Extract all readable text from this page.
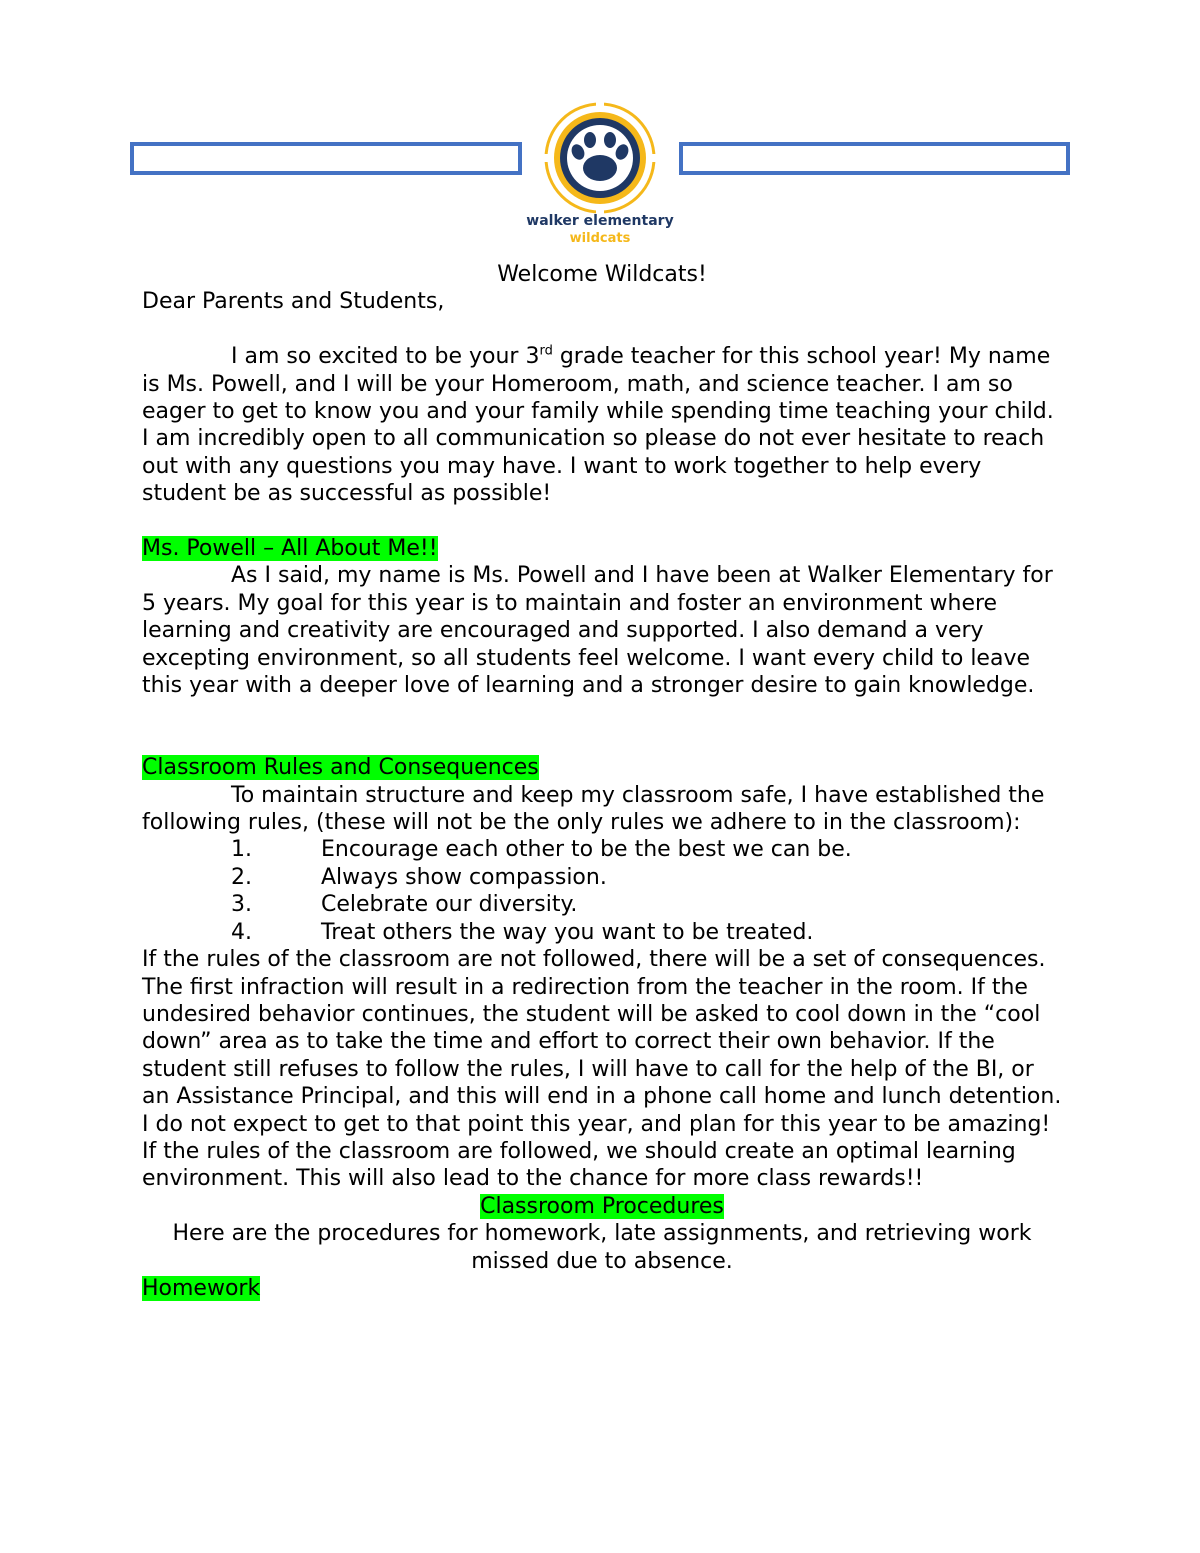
walker elementary
wildcats

Welcome Wildcats!

Dear Parents and Students,

I am so excited to be your 3rd grade teacher for this school year! My name is Ms. Powell, and I will be your Homeroom, math, and science teacher. I am so eager to get to know you and your family while spending time teaching your child. I am incredibly open to all communication so please do not ever hesitate to reach out with any questions you may have. I want to work together to help every student be as successful as possible!

Ms. Powell – All About Me!!

As I said, my name is Ms. Powell and I have been at Walker Elementary for 5 years. My goal for this year is to maintain and foster an environment where learning and creativity are encouraged and supported. I also demand a very excepting environment, so all students feel welcome. I want every child to leave this year with a deeper love of learning and a stronger desire to gain knowledge.

Classroom Rules and Consequences

To maintain structure and keep my classroom safe, I have established the following rules, (these will not be the only rules we adhere to in the classroom):

1.	Encourage each other to be the best we can be.
2.	Always show compassion.
3.	Celebrate our diversity.
4.	Treat others the way you want to be treated.

If the rules of the classroom are not followed, there will be a set of consequences. The first infraction will result in a redirection from the teacher in the room. If the undesired behavior continues, the student will be asked to cool down in the “cool down” area as to take the time and effort to correct their own behavior. If the student still refuses to follow the rules, I will have to call for the help of the BI, or an Assistance Principal, and this will end in a phone call home and lunch detention. I do not expect to get to that point this year, and plan for this year to be amazing! If the rules of the classroom are followed, we should create an optimal learning environment. This will also lead to the chance for more class rewards!!

Classroom Procedures

Here are the procedures for homework, late assignments, and retrieving work missed due to absence.

Homework
